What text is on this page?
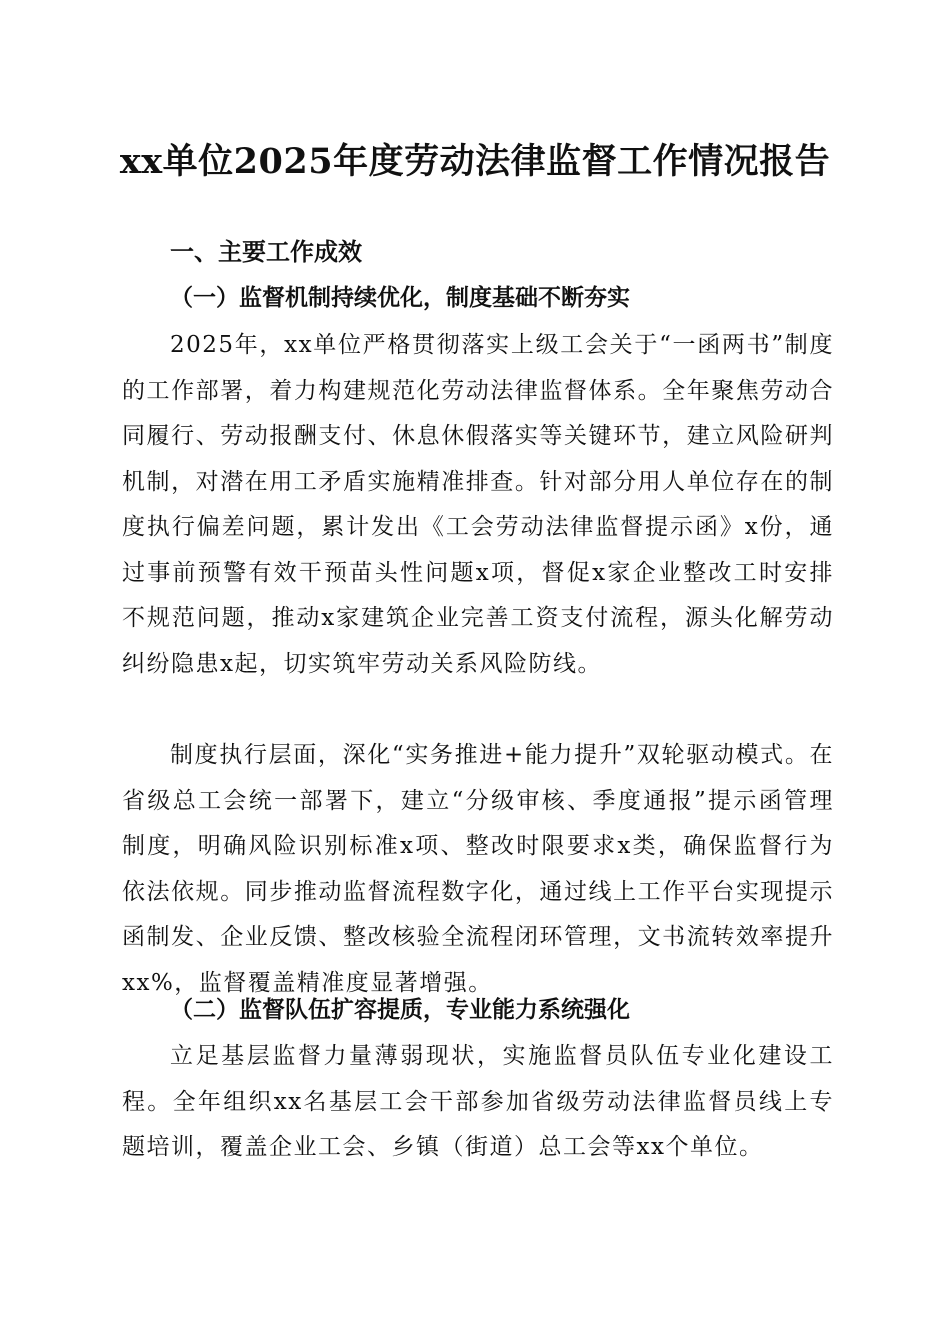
xx单位2025年度劳动法律监督工作情况报告
一、主要工作成效
（一）监督机制持续优化，制度基础不断夯实

2025年，xx单位严格贯彻落实上级工会关于“一函两书”制度的工作部署，着力构建规范化劳动法律监督体系。全年聚焦劳动合同履行、劳动报酬支付、休息休假落实等关键环节，建立风险研判机制，对潜在用工矛盾实施精准排查。针对部分用人单位存在的制度执行偏差问题，累计发出《工会劳动法律监督提示函》x份，通过事前预警有效干预苗头性问题x项，督促x家企业整改工时安排不规范问题，推动x家建筑企业完善工资支付流程，源头化解劳动纠纷隐患x起，切实筑牢劳动关系风险防线。

制度执行层面，深化“实务推进+能力提升”双轮驱动模式。在省级总工会统一部署下，建立“分级审核、季度通报”提示函管理制度，明确风险识别标准x项、整改时限要求x类，确保监督行为依法依规。同步推动监督流程数字化，通过线上工作平台实现提示函制发、企业反馈、整改核验全流程闭环管理，文书流转效率提升xx%，监督覆盖精准度显著增强。

（二）监督队伍扩容提质，专业能力系统强化

立足基层监督力量薄弱现状，实施监督员队伍专业化建设工程。全年组织xx名基层工会干部参加省级劳动法律监督员线上专题培训，覆盖企业工会、乡镇（街道）总工会等xx个单位。
